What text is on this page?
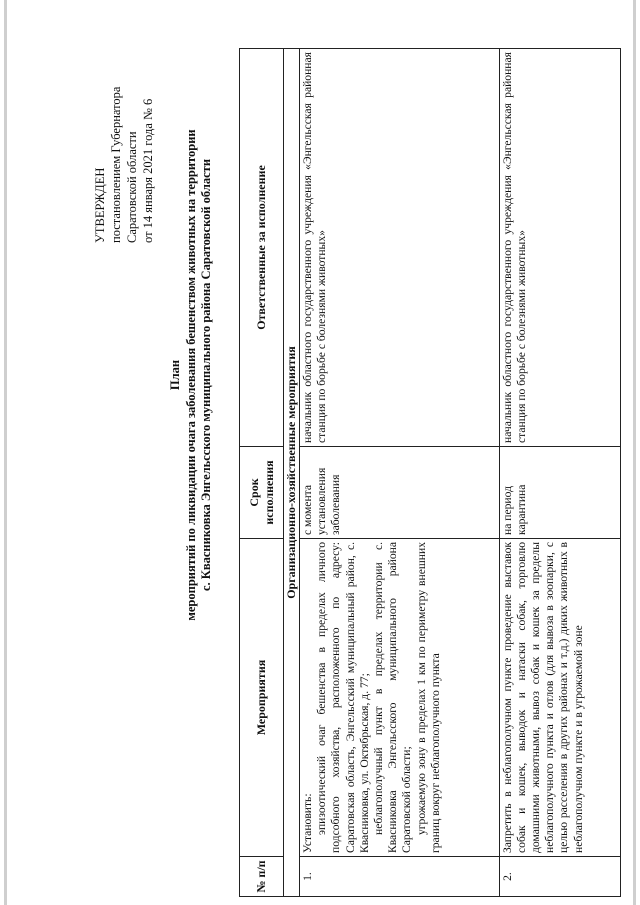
УТВЕРЖДЕН постановлением Губернатора Саратовской области от 14 января 2021 года № 6
План мероприятий по ликвидации очага заболевания бешенством животных на территории с. Квасниковка Энгельсского муниципального района Саратовской области
№ п/п	Мероприятия	Срок исполнения	Ответственные за исполнение
Организационно-хозяйственные мероприятия			
1.	Установить: эпизоотический очаг бешенства в пределах личного подсобного хозяйства, расположенного по адресу: Саратовская область, Энгельсский муниципальный район, с. Квасниковка, ул. Октябрьская, д. 77; неблагополучный пункт в пределах территории с. Квасниковка Энгельсского муниципального района Саратовской области; угрожаемую зону в пределах 1 км по периметру внешних границ вокруг неблагополучного пункта	с момента установления заболевания	начальник областного государственного учреждения «Энгельсская районная станция по борьбе с болезнями животных»
2.	Запретить в неблагополучном пункте проведение выставок собак и кошек, выводок и натаски собак, торговлю домашними животными, вывоз собак и кошек за пределы неблагополучного пункта и отлов (для вывоза в зоопарки, с целью расселения в других районах и т.д.) диких животных в неблагополучном пункте и в угрожаемой зоне	на период карантина	начальник областного государственного учреждения «Энгельсская районная станция по борьбе с болезнями животных»
